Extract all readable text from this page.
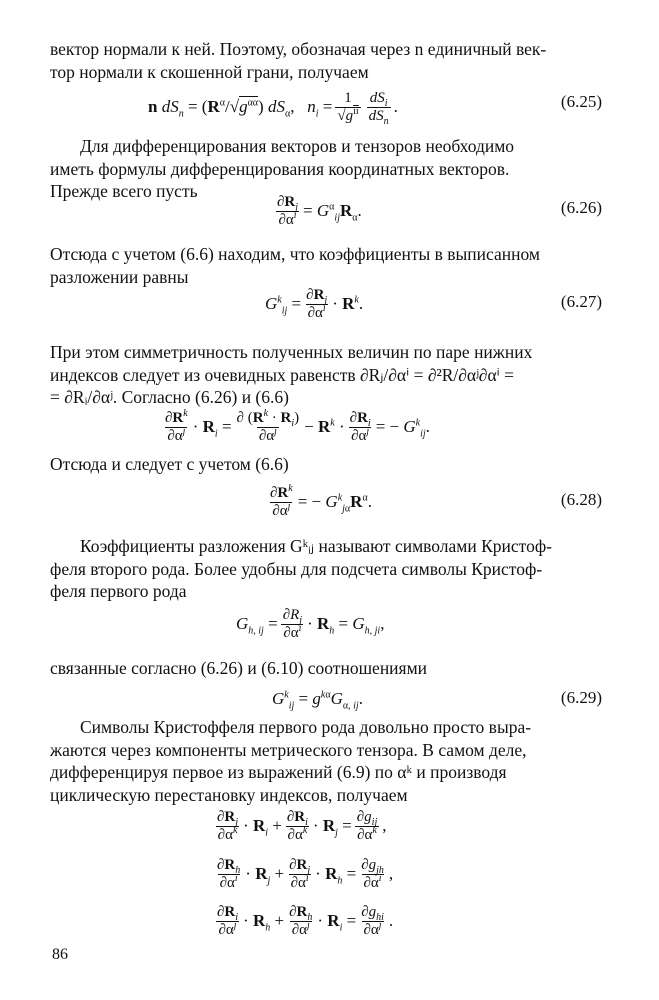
вектор нормали к ней. Поэтому, обозначая через n единичный век-
тор нормали к скошенной грани, получаем
n $dS_n = (R^\alpha/√g^{\alpha\alpha})$ $dS_\alpha$,   $n_i = \frac{1}{√g^{ii}} \frac{dS_i}{dS_n}$ .	(6.25)
Для дифференцирования векторов и тензоров необходимо
иметь формулы дифференцирования координатных векторов.
Прежде всего пусть
$\frac{\partial R_j}{\partial\alpha^i} = G^\alpha_{ij}R_\alpha$.	(6.26)
Отсюда с учетом (6.6) находим, что коэффициенты в выписанном
разложении равны
$G^k_{ij} = \frac{\partial R_j}{\partial\alpha^i} \cdot R^k$.	(6.27)
При этом симметричность полученных величин по паре нижних
индексов следует из очевидных равенств ∂Rⱼ/∂αⁱ = ∂²R/∂αʲ∂αⁱ =
= ∂Rᵢ/∂αʲ. Согласно (6.26) и (6.6)
$\frac{\partial R^k}{\partial\alpha^j} \cdot R_i = \frac{\partial (R^k \cdot R_i)}{\partial\alpha^j} - R^k \cdot \frac{\partial R_i}{\partial\alpha^j}$ = − $G^k_{ij}$.
Отсюда и следует с учетом (6.6)
$\frac{\partial R^k}{\partial\alpha^j}$ = − $G^k_{j\alpha}R^\alpha$.	(6.28)
Коэффициенты разложения Gᵏᵢⱼ называют символами Кристоф-
феля второго рода. Более удобны для подсчета символы Кристоф-
феля первого рода
$G_{h, ij} = \frac{\partial R_j}{\partial\alpha^i} \cdot R_h = G_{h, ji}$,
связанные согласно (6.26) и (6.10) соотношениями
$G^k_{ij} = g^{k\alpha}G_{\alpha, ij}$.	(6.29)
Символы Кристоффеля первого рода довольно просто выра-
жаются через компоненты метрического тензора. В самом деле,
дифференцируя первое из выражений (6.9) по αᵏ и производя
циклическую перестановку индексов, получаем
$\frac{\partial R_j}{\partial\alpha^k} \cdot R_i + \frac{\partial R_i}{\partial\alpha^k} \cdot R_j = \frac{\partial g_{ij}}{\partial\alpha^k}$ ,
$\frac{\partial R_h}{\partial\alpha^i} \cdot R_j + \frac{\partial R_j}{\partial\alpha^i} \cdot R_h = \frac{\partial g_{jh}}{\partial\alpha^i}$ ,
$\frac{\partial R_i}{\partial\alpha^j} \cdot R_h + \frac{\partial R_h}{\partial\alpha^j} \cdot R_i = \frac{\partial g_{hi}}{\partial\alpha^j}$ .
86
